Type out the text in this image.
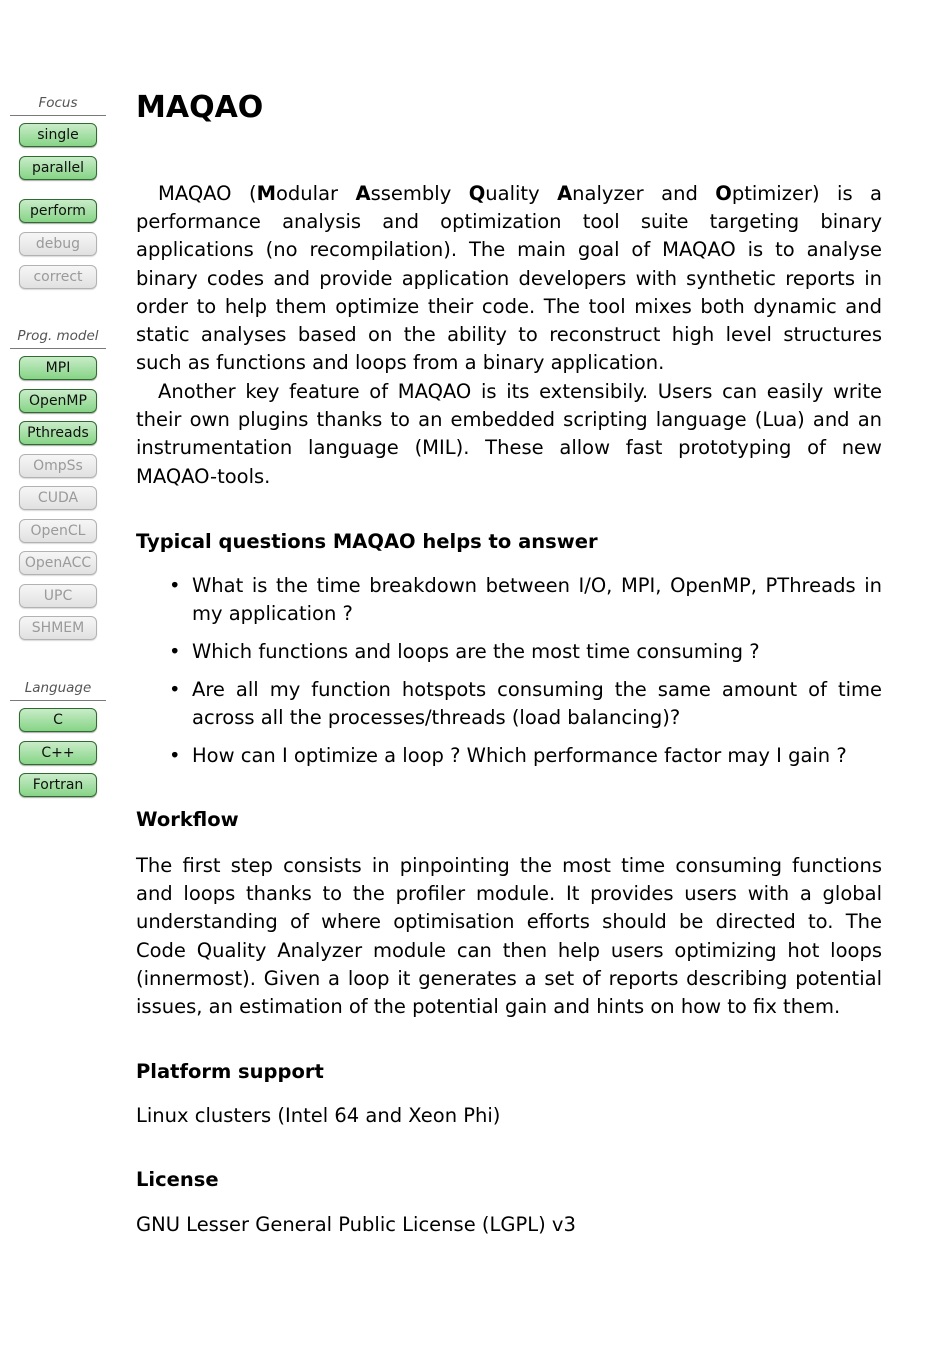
Focus
single
parallel
perform
debug
correct
Prog. model
MPI
OpenMP
Pthreads
OmpSs
CUDA
OpenCL
OpenACC
UPC
SHMEM
Language
C
C++
Fortran
MAQAO

MAQAO (Modular Assembly Quality Analyzer and Optimizer) is a performance analysis and optimization tool suite targeting binary applications (no recompilation). The main goal of MAQAO is to analyse binary codes and provide application developers with synthetic reports in order to help them optimize their code. The tool mixes both dynamic and static analyses based on the ability to reconstruct high level structures such as functions and loops from a binary application.

Another key feature of MAQAO is its extensibily. Users can easily write their own plugins thanks to an embedded scripting language (Lua) and an instrumentation language (MIL). These allow fast prototyping of new MAQAO-tools.

Typical questions MAQAO helps to answer
• What is the time breakdown between I/O, MPI, OpenMP, PThreads in my application ?
• Which functions and loops are the most time consuming ?
• Are all my function hotspots consuming the same amount of time across all the processes/threads (load balancing)?
• How can I optimize a loop ? Which performance factor may I gain ?
Workflow

The first step consists in pinpointing the most time consuming functions and loops thanks to the profiler module. It provides users with a global understanding of where optimisation efforts should be directed to. The Code Quality Analyzer module can then help users optimizing hot loops (innermost). Given a loop it generates a set of reports describing potential issues, an estimation of the potential gain and hints on how to fix them.

Platform support

Linux clusters (Intel 64 and Xeon Phi)

License

GNU Lesser General Public License (LGPL) v3
